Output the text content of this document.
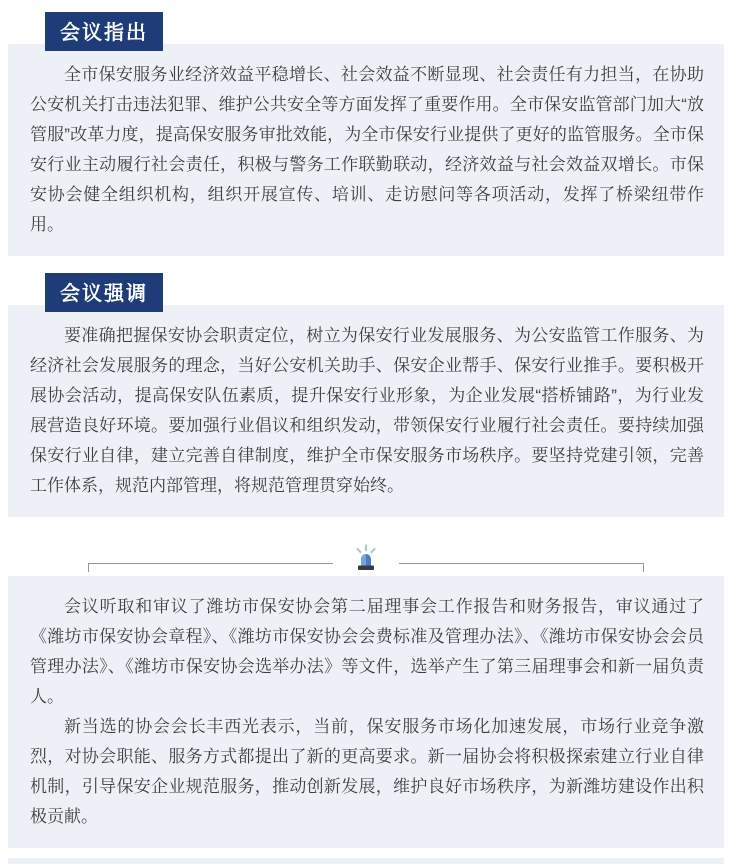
会议指出

全市保安服务业经济效益平稳增长、社会效益不断显现、社会责任有力担当，在协助公安机关打击违法犯罪、维护公共安全等方面发挥了重要作用。全市保安监管部门加大“放管服”改革力度，提高保安服务审批效能，为全市保安行业提供了更好的监管服务。全市保安行业主动履行社会责任，积极与警务工作联勤联动，经济效益与社会效益双增长。市保安协会健全组织机构，组织开展宣传、培训、走访慰问等各项活动，发挥了桥梁纽带作用。

会议强调

要准确把握保安协会职责定位，树立为保安行业发展服务、为公安监管工作服务、为经济社会发展服务的理念，当好公安机关助手、保安企业帮手、保安行业推手。要积极开展协会活动，提高保安队伍素质，提升保安行业形象，为企业发展“搭桥铺路”，为行业发展营造良好环境。要加强行业倡议和组织发动，带领保安行业履行社会责任。要持续加强保安行业自律，建立完善自律制度，维护全市保安服务市场秩序。要坚持党建引领，完善工作体系，规范内部管理，将规范管理贯穿始终。

会议听取和审议了潍坊市保安协会第二届理事会工作报告和财务报告，审议通过了《潍坊市保安协会章程》、《潍坊市保安协会会费标准及管理办法》、《潍坊市保安协会会员管理办法》、《潍坊市保安协会选举办法》等文件，选举产生了第三届理事会和新一届负责人。

新当选的协会会长丰西光表示，当前，保安服务市场化加速发展，市场行业竞争激烈，对协会职能、服务方式都提出了新的更高要求。新一届协会将积极探索建立行业自律机制，引导保安企业规范服务，推动创新发展，维护良好市场秩序，为新潍坊建设作出积极贡献。
